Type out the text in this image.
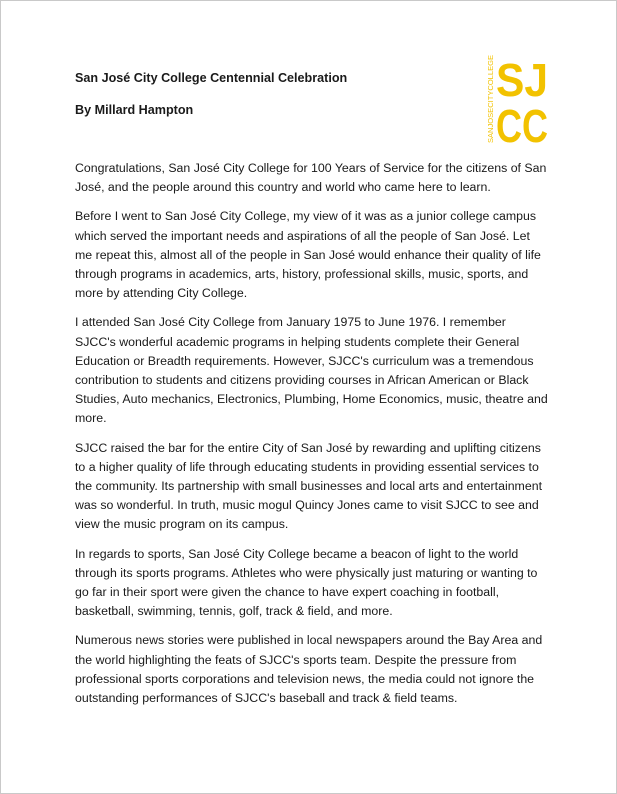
San José City College Centennial Celebration
By Millard Hampton	SANJOSECITYCOLLEGE SJ
CC

Congratulations, San José City College for 100 Years of Service for the citizens of San José, and the people around this country and world who came here to learn.

Before I went to San José City College, my view of it was as a junior college campus which served the important needs and aspirations of all the people of San José. Let me repeat this, almost all of the people in San José would enhance their quality of life through programs in academics, arts, history, professional skills, music, sports, and more by attending City College.

I attended San José City College from January 1975 to June 1976. I remember SJCC's wonderful academic programs in helping students complete their General Education or Breadth requirements. However, SJCC's curriculum was a tremendous contribution to students and citizens providing courses in African American or Black Studies, Auto mechanics, Electronics, Plumbing, Home Economics, music, theatre and more.

SJCC raised the bar for the entire City of San José by rewarding and uplifting citizens to a higher quality of life through educating students in providing essential services to the community. Its partnership with small businesses and local arts and entertainment was so wonderful. In truth, music mogul Quincy Jones came to visit SJCC to see and view the music program on its campus.

In regards to sports, San José City College became a beacon of light to the world through its sports programs. Athletes who were physically just maturing or wanting to go far in their sport were given the chance to have expert coaching in football, basketball, swimming, tennis, golf, track & field, and more.

Numerous news stories were published in local newspapers around the Bay Area and the world highlighting the feats of SJCC's sports team. Despite the pressure from professional sports corporations and television news, the media could not ignore the outstanding performances of SJCC's baseball and track & field teams.
